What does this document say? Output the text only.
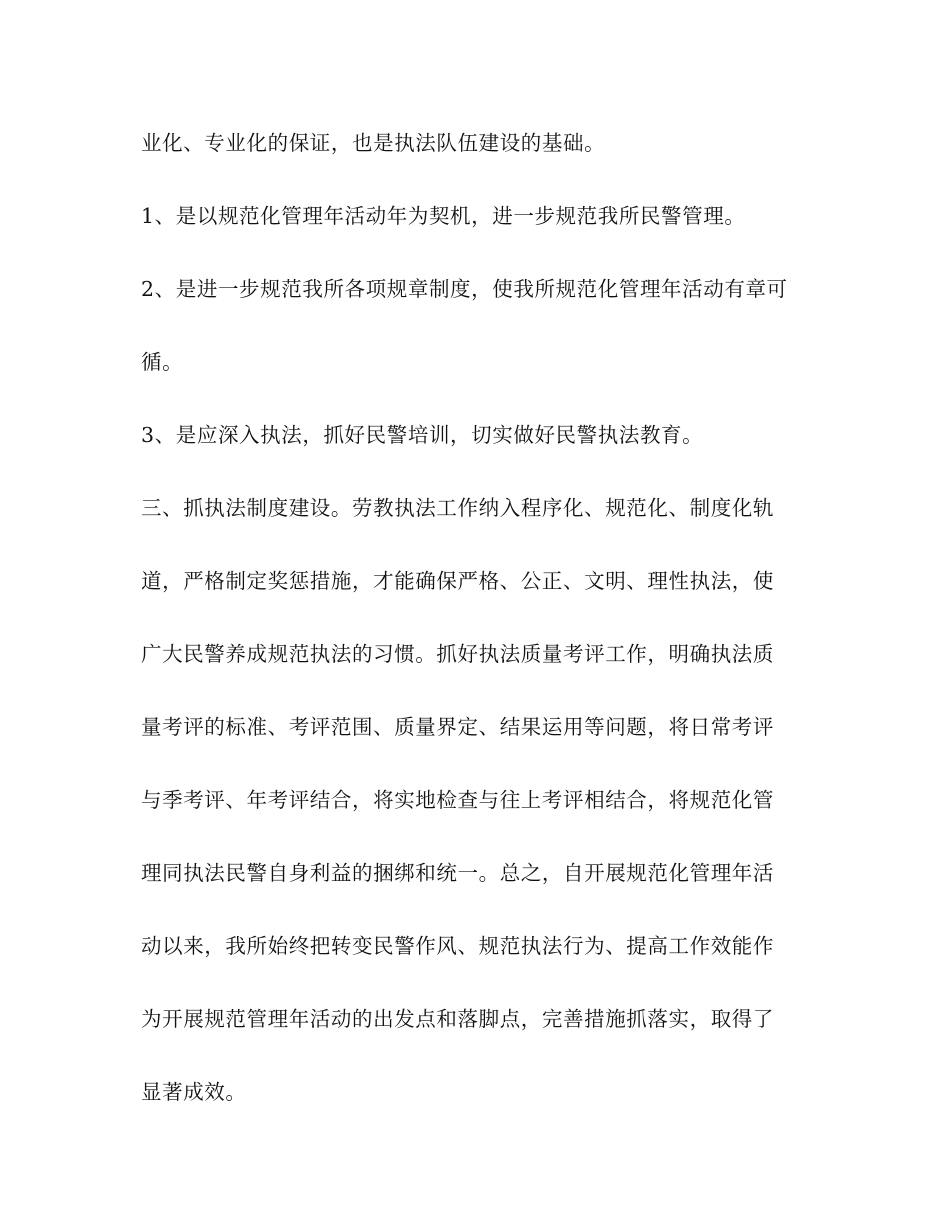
业化、专业化的保证，也是执法队伍建设的基础。
1、是以规范化管理年活动年为契机，进一步规范我所民警管理。
2、是进一步规范我所各项规章制度，使我所规范化管理年活动有章可
循。
3、是应深入执法，抓好民警培训，切实做好民警执法教育。
三、抓执法制度建设。劳教执法工作纳入程序化、规范化、制度化轨
道，严格制定奖惩措施，才能确保严格、公正、文明、理性执法，使
广大民警养成规范执法的习惯。抓好执法质量考评工作，明确执法质
量考评的标准、考评范围、质量界定、结果运用等问题，将日常考评
与季考评、年考评结合，将实地检查与往上考评相结合，将规范化管
理同执法民警自身利益的捆绑和统一。总之，自开展规范化管理年活
动以来，我所始终把转变民警作风、规范执法行为、提高工作效能作
为开展规范管理年活动的出发点和落脚点，完善措施抓落实，取得了
显著成效。
